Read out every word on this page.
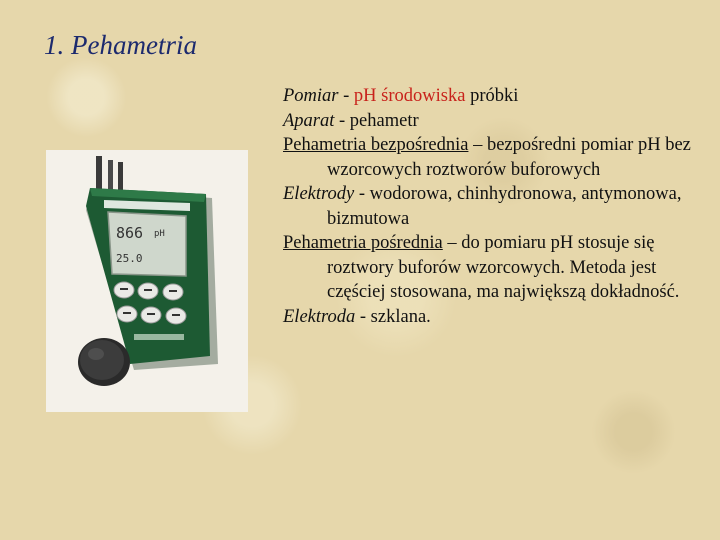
1. Pehametria
866 pH
25.0

Pomiar - pH środowiska próbki

Aparat - pehametr

Pehametria bezpośrednia – bezpośredni pomiar pH bez wzorcowych roztworów buforowych

Elektrody - wodorowa, chinhydronowa, antymonowa, bizmutowa

Pehametria pośrednia – do pomiaru pH stosuje się roztwory buforów wzorcowych. Metoda jest częściej stosowana, ma największą dokładność.

Elektroda - szklana.
